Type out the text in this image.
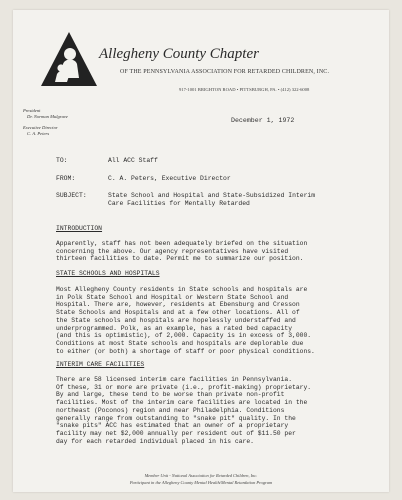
Allegheny County Chapter
OF THE PENNSYLVANIA ASSOCIATION FOR RETARDED CHILDREN, INC.
917-1001 BRIGHTON ROAD • PITTSBURGH, PA. • (412) 322-6008
President
Dr. Norman Mulgrave
Executive Director
C. A. Peters
December 1, 1972
TO:	All ACC Staff
FROM:	C. A. Peters, Executive Director
SUBJECT:	State School and Hospital and State-Subsidized Interim
Care Facilities for Mentally Retarded
INTRODUCTION
Apparently, staff has not been adequately briefed on the situation
concerning the above. Our agency representatives have visited
thirteen facilities to date. Permit me to summarize our position.
STATE SCHOOLS AND HOSPITALS
Most Allegheny County residents in State schools and hospitals are
in Polk State School and Hospital or Western State School and
Hospital. There are, however, residents at Ebensburg and Cresson
State Schools and Hospitals and at a few other locations. All of
the State schools and hospitals are hopelessly understaffed and
underprogrammed. Polk, as an example, has a rated bed capacity
(and this is optimistic), of 2,000. Capacity is in excess of 3,000.
Conditions at most State schools and hospitals are deplorable due
to either (or both) a shortage of staff or poor physical conditions.
INTERIM CARE FACILITIES
There are 58 licensed interim care facilities in Pennsylvania.
Of these, 31 or more are private (i.e., profit-making) proprietary.
By and large, these tend to be worse than private non-profit
facilities. Most of the interim care facilities are located in the
northeast (Poconos) region and near Philadelphia. Conditions
generally range from outstanding to "snake pit" quality. In the
"snake pits" ACC has estimated that an owner of a proprietary
facility may net $2,000 annually per resident out of $11.50 per
day for each retarded individual placed in his care.
Member Unit - National Association for Retarded Children, Inc.
Participant in the Allegheny County Mental Health/Mental Retardation Program
